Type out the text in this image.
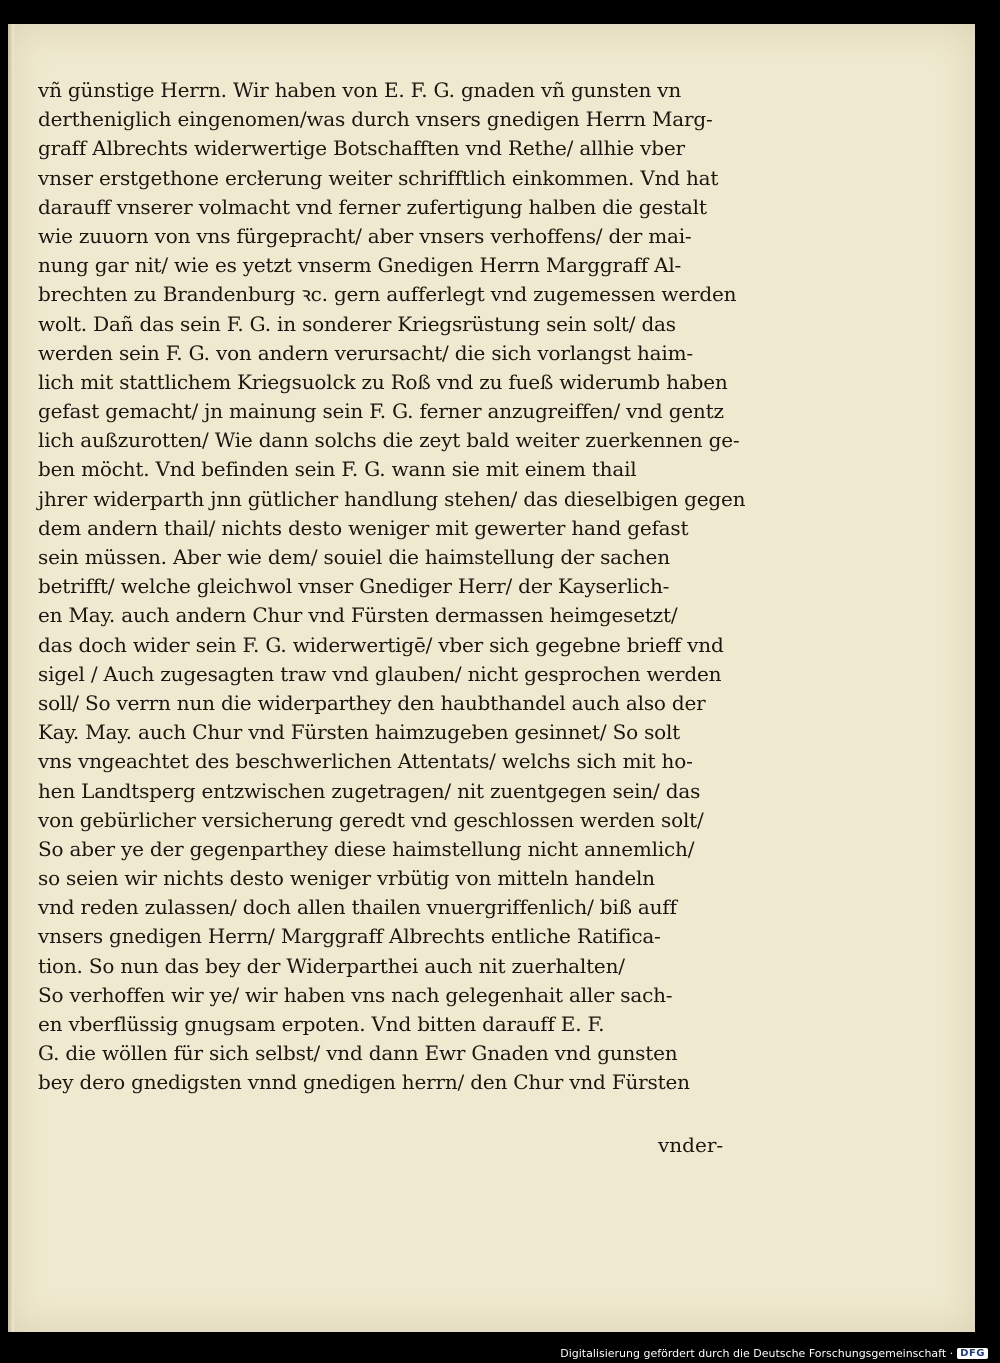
vñ günstige Herrn. Wir haben von E. F. G. gnaden vñ gunsten vn
dertheniglich eingenomen/was durch vnsers gnedigen Herrn Marg-
graff Albrechts widerwertige Botschafften vnd Rethe/ allhie vber
vnser erstgethone ercłerung weiter schrifftlich einkommen. Vnd hat
darauff vnserer volmacht vnd ferner zufertigung halben die gestalt
wie zuuorn von vns fürgepracht/ aber vnsers verhoffens/ der mai-
nung gar nit/ wie es yetzt vnserm Gnedigen Herrn Marggraff Al-
brechten zu Brandenburg ꝛc. gern aufferlegt vnd zugemessen werden
wolt. Dañ das sein F. G. in sonderer Kriegsrüstung sein solt/ das
werden sein F. G. von andern verursacht/ die sich vorlangst haim-
lich mit stattlichem Kriegsuolck zu Roß vnd zu fueß widerumb haben
gefast gemacht/ jn mainung sein F. G. ferner anzugreiffen/ vnd gentz
lich außzurotten/ Wie dann solchs die zeyt bald weiter zuerkennen ge-
ben möcht. Vnd befinden sein F. G. wann sie mit einem thail
jhrer widerparth jnn gütlicher handlung stehen/ das dieselbigen gegen
dem andern thail/ nichts desto weniger mit gewerter hand gefast
sein müssen. Aber wie dem/ souiel die haimstellung der sachen
betrifft/ welche gleichwol vnser Gnediger Herr/ der Kayserlich-
en May. auch andern Chur vnd Fürsten dermassen heimgesetzt/
das doch wider sein F. G. widerwertigē/ vber sich gegebne brieff vnd
sigel / Auch zugesagten traw vnd glauben/ nicht gesprochen werden
soll/ So verrn nun die widerparthey den haubthandel auch also der
Kay. May. auch Chur vnd Fürsten haimzugeben gesinnet/ So solt
vns vngeachtet des beschwerlichen Attentats/ welchs sich mit ho-
hen Landtsperg entzwischen zugetragen/ nit zuentgegen sein/ das
von gebürlicher versicherung geredt vnd geschlossen werden solt/
So aber ye der gegenparthey diese haimstellung nicht annemlich/
so seien wir nichts desto weniger vrbütig von mitteln handeln
vnd reden zulassen/ doch allen thailen vnuergriffenlich/ biß auff
vnsers gnedigen Herrn/ Marggraff Albrechts entliche Ratifica-
tion. So nun das bey der Widerparthei auch nit zuerhalten/
So verhoffen wir ye/ wir haben vns nach gelegenhait aller sach-
en vberflüssig gnugsam erpoten. Vnd bitten darauff E. F.
G. die wöllen für sich selbst/ vnd dann Ewr Gnaden vnd gunsten
bey dero gnedigsten vnnd gnedigen herrn/ den Chur vnd Fürsten
vnder-
Digitalisierung gefördert durch die Deutsche Forschungsgemeinschaft · DFG
